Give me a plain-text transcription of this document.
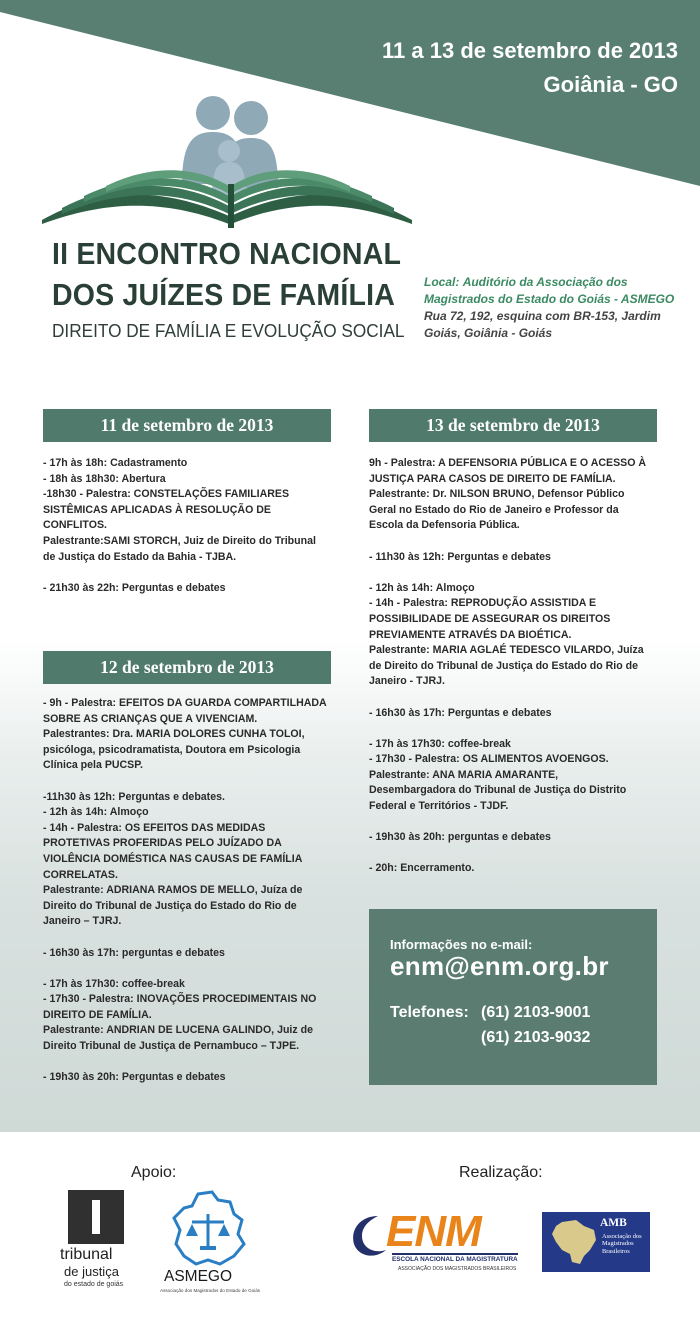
11 a 13 de setembro de 2013
Goiânia - GO
II ENCONTRO NACIONAL
DOS JUÍZES DE FAMÍLIA
DIREITO DE FAMÍLIA E EVOLUÇÃO SOCIAL
Local: Auditório da Associação dos
Magistrados do Estado do Goiás - ASMEGO
Rua 72, 192, esquina com BR-153, Jardim
Goiás, Goiânia - Goiás
11 de setembro de 2013
- 17h às 18h: Cadastramento
- 18h às 18h30: Abertura
-18h30 - Palestra: CONSTELAÇÕES FAMILIARES
SISTÊMICAS APLICADAS À RESOLUÇÃO DE
CONFLITOS.
Palestrante:SAMI STORCH, Juiz de Direito do Tribunal
de Justiça do Estado da Bahia - TJBA.
- 21h30 às 22h: Perguntas e debates
12 de setembro de 2013
- 9h - Palestra: EFEITOS DA GUARDA COMPARTILHADA
SOBRE AS CRIANÇAS QUE A VIVENCIAM.
Palestrantes: Dra. MARIA DOLORES CUNHA TOLOI,
psicóloga, psicodramatista, Doutora em Psicologia
Clínica pela PUCSP.
-11h30 às 12h: Perguntas e debates.
- 12h às 14h: Almoço
- 14h - Palestra: OS EFEITOS DAS MEDIDAS
PROTETIVAS PROFERIDAS PELO JUÍZADO DA
VIOLÊNCIA DOMÉSTICA NAS CAUSAS DE FAMÍLIA
CORRELATAS.
Palestrante: ADRIANA RAMOS DE MELLO, Juíza de
Direito do Tribunal de Justiça do Estado do Rio de
Janeiro – TJRJ.
- 16h30 às 17h: perguntas e debates
- 17h às 17h30: coffee-break
- 17h30 - Palestra: INOVAÇÕES PROCEDIMENTAIS NO
DIREITO DE FAMÍLIA.
Palestrante: ANDRIAN DE LUCENA GALINDO, Juiz de
Direito Tribunal de Justiça de Pernambuco – TJPE.
- 19h30 às 20h: Perguntas e debates
13 de setembro de 2013
9h - Palestra: A DEFENSORIA PÚBLICA E O ACESSO À
JUSTIÇA PARA CASOS DE DIREITO DE FAMÍLIA.
Palestrante: Dr. NILSON BRUNO, Defensor Público
Geral no Estado do Rio de Janeiro e Professor da
Escola da Defensoria Pública.
- 11h30 às 12h: Perguntas e debates
- 12h às 14h: Almoço
- 14h - Palestra: REPRODUÇÃO ASSISTIDA E
POSSIBILIDADE DE ASSEGURAR OS DIREITOS
PREVIAMENTE ATRAVÉS DA BIOÉTICA.
Palestrante: MARIA AGLAÉ TEDESCO VILARDO, Juíza
de Direito do Tribunal de Justiça do Estado do Rio de
Janeiro - TJRJ.
- 16h30 às 17h: Perguntas e debates
- 17h às 17h30: coffee-break
- 17h30 - Palestra: OS ALIMENTOS AVOENGOS.
Palestrante: ANA MARIA AMARANTE,
Desembargadora do Tribunal de Justiça do Distrito
Federal e Territórios - TJDF.
- 19h30 às 20h: perguntas e debates
- 20h: Encerramento.
Informações no e-mail:
enm@enm.org.br
Telefones: (61) 2103-9001
(61) 2103-9032
Apoio:	Realização:
tribunal
de justiça
do estado de goiás	ASMEGO
Associação dos Magistrados do Estado de Goiás
ENM
ESCOLA NACIONAL DA MAGISTRATURA
ASSOCIAÇÃO DOS MAGISTRADOS BRASILEIROS
AMB
Associação dos Magistrados Brasileiros
